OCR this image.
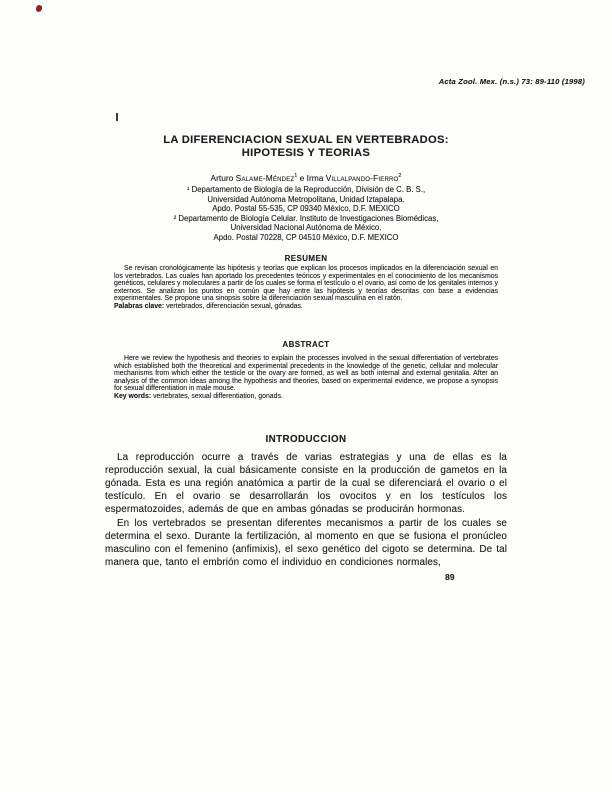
Acta Zool. Mex. (n.s.) 73: 89-110 (1998)
LA DIFERENCIACION SEXUAL EN VERTEBRADOS:
HIPOTESIS Y TEORIAS
Arturo Salame-Méndez$^1$ e Irma Villalpando-Fierro$^2$
¹ Departamento de Biología de la Reproducción, División de C. B. S.,
Universidad Autónoma Metropolitana, Unidad Iztapalapa.
Apdo. Postal 55-535, CP 09340 México, D.F. MEXICO
² Departamento de Biología Celular. Instituto de Investigaciones Biomédicas,
Universidad Nacional Autónoma de México.
Apdo. Postal 70228, CP 04510 México, D.F. MEXICO
RESUMEN
Se revisan cronológicamente las hipótesis y teorías que explican los procesos implicados en la diferenciación sexual en los vertebrados. Las cuales han aportado los precedentes teóricos y experimentales en el conocimiento de los mecanismos genéticos, celulares y moleculares a partir de los cuales se forma el testículo o el ovario, así como de los genitales internos y externos. Se analizan los puntos en común que hay entre las hipótesis y teorías descritas con base a evidencias experimentales. Se propone una sinopsis sobre la diferenciación sexual masculina en el ratón.
Palabras clave: vertebrados, diferenciación sexual, gónadas.
ABSTRACT
Here we review the hypothesis and theories to explain the processes involved in the sexual differentiation of vertebrates which established both the theoretical and experimental precedents in the knowledge of the genetic, cellular and molecular mechanisms from which either the testicle or the ovary are formed, as well as both internal and external genitalia. After an analysis of the common ideas among the hypothesis and theories, based on experimental evidence, we propose a synopsis for sexual differentiation in male mouse.
Key words: vertebrates, sexual differentiation, gonads.
INTRODUCCION
La reproducción ocurre a través de varias estrategias y una de ellas es la reproducción sexual, la cual básicamente consiste en la producción de gametos en la gónada. Esta es una región anatómica a partir de la cual se diferenciará el ovario o el testículo. En el ovario se desarrollarán los ovocitos y en los testículos los espermatozoides, además de que en ambas gónadas se producirán hormonas.
En los vertebrados se presentan diferentes mecanismos a partir de los cuales se determina el sexo. Durante la fertilización, al momento en que se fusiona el pronúcleo masculino con el femenino (anfimixis), el sexo genético del cigoto se determina. De tal manera que, tanto el embrión como el individuo en condiciones normales,
89
